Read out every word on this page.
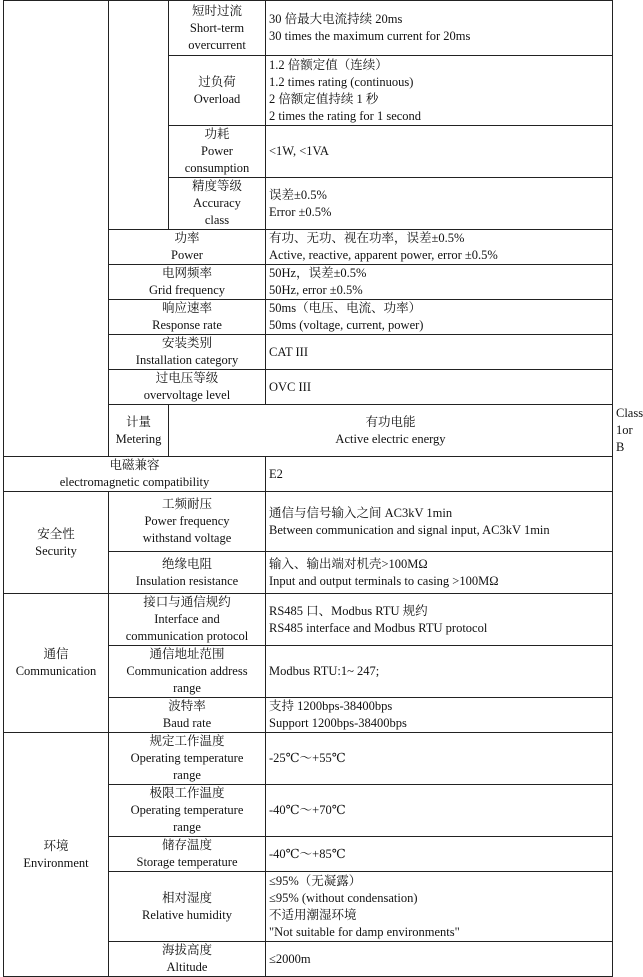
		短时过流
Short-term
overcurrent	30 倍最大电流持续 20ms
30 times the maximum current for 20ms	

		过负荷
Overload	1.2 倍额定值（连续）
1.2 times rating (continuous)
2 倍额定值持续 1 秒
2 times the rating for 1 second	

		功耗
Power
consumption	<1W, <1VA	

		精度等级
Accuracy
class	误差±0.5%
Error ±0.5%	

	功率
Power		有功、无功、视在功率，误差±0.5%
Active, reactive, apparent power, error ±0.5%	

	电网频率
Grid frequency		50Hz，误差±0.5%
50Hz, error ±0.5%	

	响应速率
Response rate		50ms（电压、电流、功率）
50ms (voltage, current, power)	

	安装类别
Installation category		CAT III	

	过电压等级
overvoltage level		OVC III	

	计量
Metering	有功电能
Active electric energy		Class 1or B

电磁兼容
electromagnetic compatibility			E2	

安全性
Security	工频耐压
Power frequency
withstand voltage		通信与信号输入之间 AC3kV 1min
Between communication and signal input, AC3kV 1min	

	绝缘电阻
Insulation resistance		输入、输出端对机壳>100MΩ
Input and output terminals to casing >100MΩ	

通信
Communication	接口与通信规约
Interface and
communication protocol		RS485 口、Modbus RTU 规约
RS485 interface and Modbus RTU protocol	

	通信地址范围
Communication address
range		Modbus RTU:1~ 247;	

	波特率
Baud rate		支持 1200bps-38400bps
Support 1200bps-38400bps	

环境
Environment	规定工作温度
Operating temperature
range		-25℃～+55℃	

	极限工作温度
Operating temperature
range		-40℃～+70℃	

	储存温度
Storage temperature		-40℃～+85℃	

	相对湿度
Relative humidity		≤95%（无凝露）
≤95% (without condensation)
不适用潮湿环境
"Not suitable for damp environments"	

	海拔高度
Altitude		≤2000m	
